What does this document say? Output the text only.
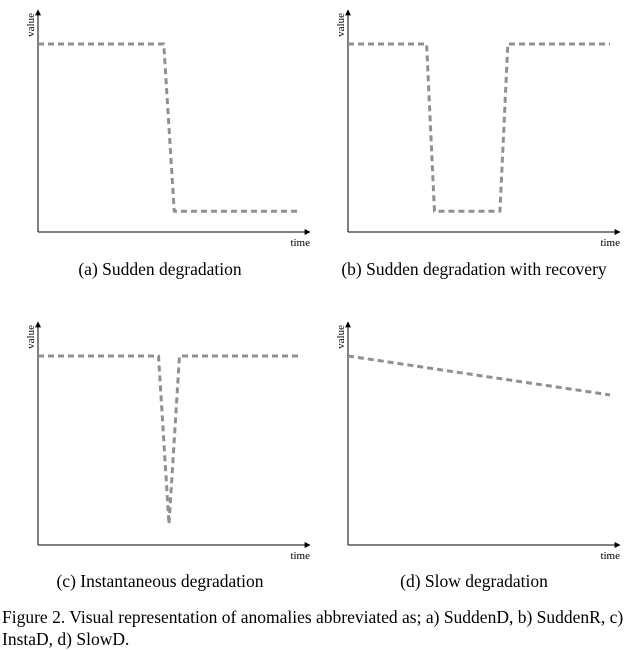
value
time
value
time
value
time
value
time
(a) Sudden degradation	(b) Sudden degradation with recovery
(c) Instantaneous degradation	(d) Slow degradation

Figure 2. Visual representation of anomalies abbreviated as; a) SuddenD, b) SuddenR, c) InstaD, d) SlowD.
